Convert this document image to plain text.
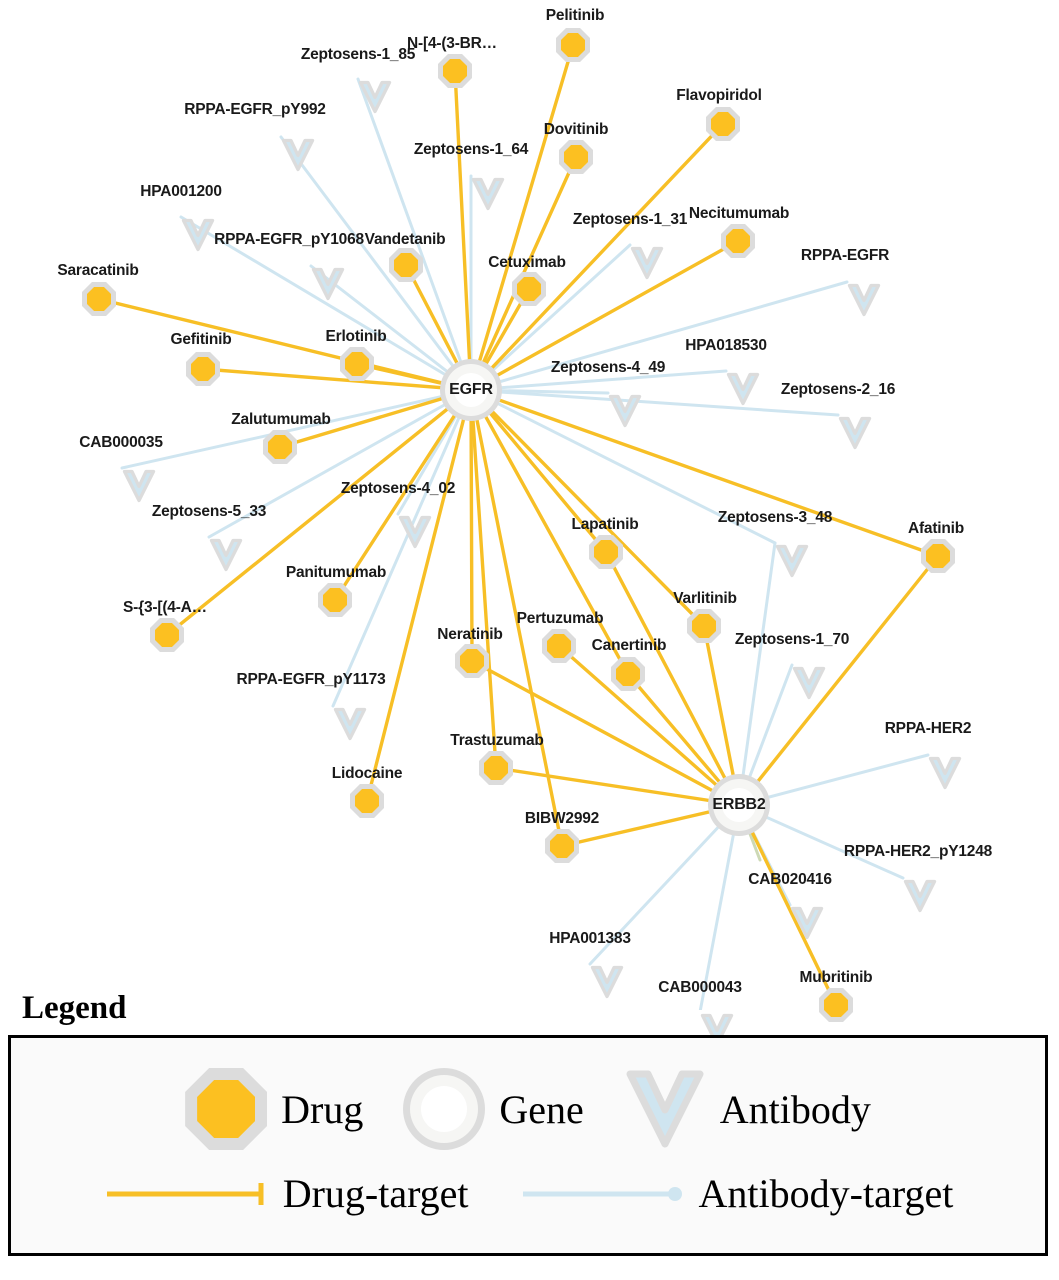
Pelitinib
N-[4-(3-BR…
Flavopiridol
Dovitinib
Necitumumab
Vandetanib
Cetuximab
Saracatinib
Gefitinib	Erlotinib
Zalutumumab
Afatinib
Lapatinib
Varlitinib
Panitumumab
S-{3-[(4-A…
Pertuzumab
Neratinib
Canertinib
Trastuzumab
Lidocaine
BIBW2992
Mubritinib
Zeptosens-1_85
RPPA-EGFR_pY992
Zeptosens-1_64
HPA001200
Zeptosens-1_31
RPPA-EGFR_pY1068
RPPA-EGFR
HPA018530
Zeptosens-4_49
Zeptosens-2_16
CAB000035
Zeptosens-4_02
Zeptosens-5_33	Zeptosens-3_48
Zeptosens-1_70
RPPA-EGFR_pY1173
RPPA-HER2
RPPA-HER2_pY1248
CAB020416
HPA001383
CAB000043
EGFR
ERBB2
Legend
Drug	Gene	Antibody
Drug-target	Antibody-target
